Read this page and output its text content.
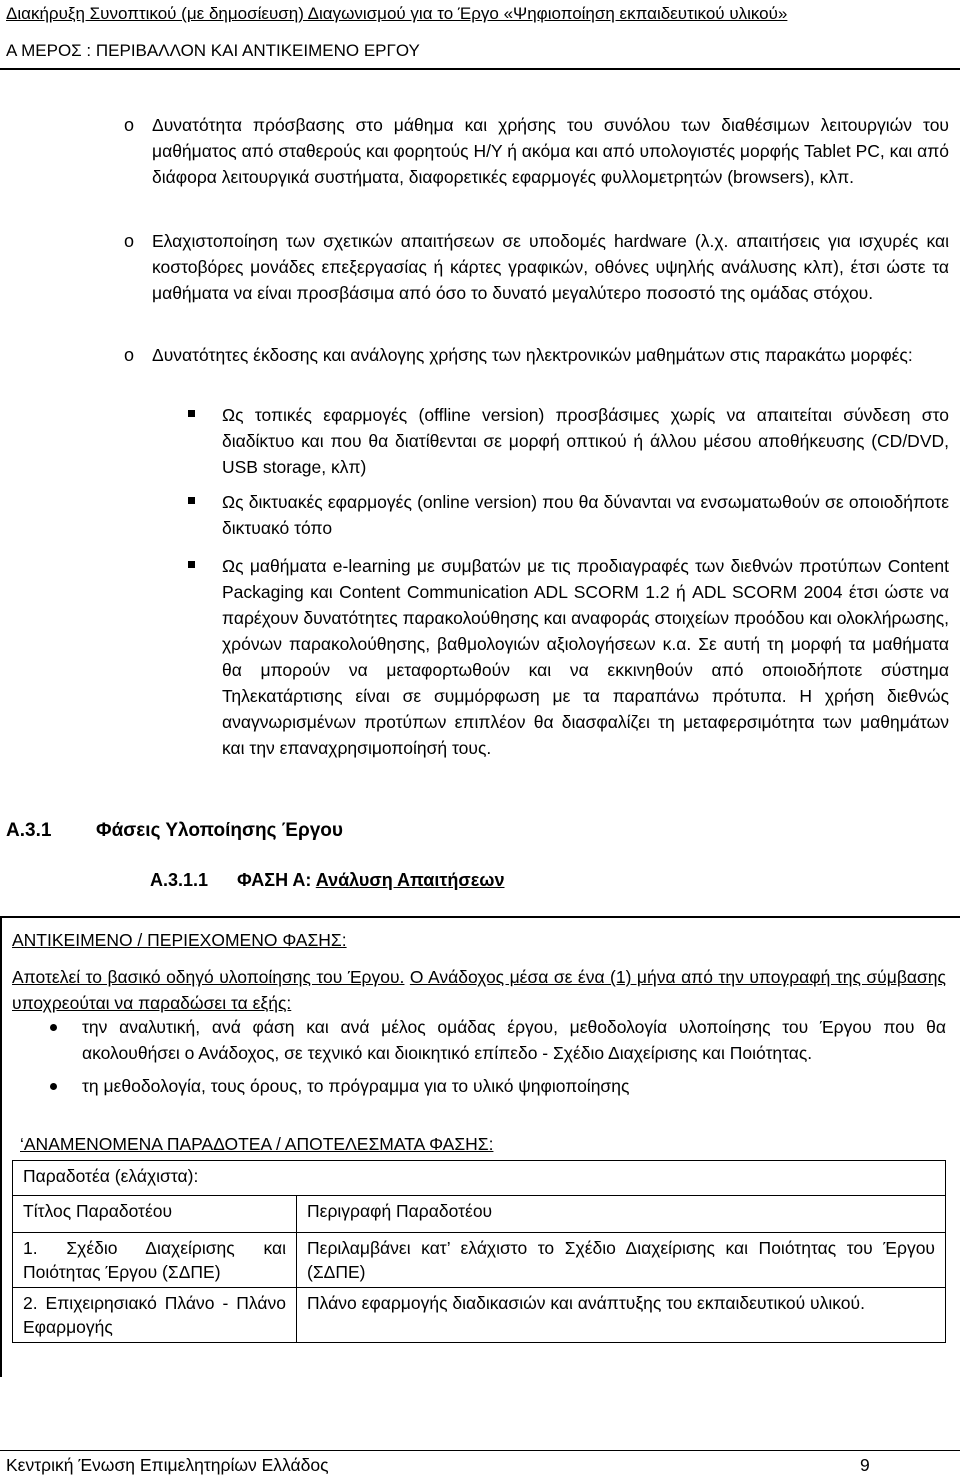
Διακήρυξη Συνοπτικού (με δημοσίευση) Διαγωνισμού για το Έργο «Ψηφιοποίηση εκπαιδευτικού υλικού»
Α ΜΕΡΟΣ : ΠΕΡΙΒΑΛΛΟΝ ΚΑΙ ΑΝΤΙΚΕΙΜΕΝΟ ΕΡΓΟΥ
o Δυνατότητα πρόσβασης στο μάθημα και χρήσης του συνόλου των διαθέσιμων λειτουργιών του μαθήματος από σταθερούς και φορητούς Η/Υ ή ακόμα και από υπολογιστές μορφής Tablet PC, και από διάφορα λειτουργικά συστήματα, διαφορετικές εφαρμογές φυλλομετρητών (browsers), κλπ.
o Ελαχιστοποίηση των σχετικών απαιτήσεων σε υποδομές hardware (λ.χ. απαιτήσεις για ισχυρές και κοστοβόρες μονάδες επεξεργασίας ή κάρτες γραφικών, οθόνες υψηλής ανάλυσης κλπ), έτσι ώστε τα μαθήματα να είναι προσβάσιμα από όσο το δυνατό μεγαλύτερο ποσοστό της ομάδας στόχου.
o Δυνατότητες έκδοσης και ανάλογης χρήσης των ηλεκτρονικών μαθημάτων στις παρακάτω μορφές:
Ως τοπικές εφαρμογές (offline version) προσβάσιμες χωρίς να απαιτείται σύνδεση στο διαδίκτυο και που θα διατίθενται σε μορφή οπτικού ή άλλου μέσου αποθήκευσης (CD/DVD, USB storage, κλπ)
Ως δικτυακές εφαρμογές (online version) που θα δύνανται να ενσωματωθούν σε οποιοδήποτε δικτυακό τόπο
Ως μαθήματα e-learning με συμβατών με τις προδιαγραφές των διεθνών προτύπων Content Packaging και Content Communication ADL SCORM 1.2 ή ADL SCORM 2004 έτσι ώστε να παρέχουν δυνατότητες παρακολούθησης και αναφοράς στοιχείων προόδου και ολοκλήρωσης, χρόνων παρακολούθησης, βαθμολογιών αξιολογήσεων κ.α. Σε αυτή τη μορφή τα μαθήματα θα μπορούν να μεταφορτωθούν και να εκκινηθούν από οποιοδήποτε σύστημα Τηλεκατάρτισης είναι σε συμμόρφωση με τα παραπάνω πρότυπα. Η χρήση διεθνώς αναγνωρισμένων προτύπων επιπλέον θα διασφαλίζει τη μεταφερσιμότητα των μαθημάτων και την επαναχρησιμοποίησή τους.
Α.3.1 Φάσεις Υλοποίησης Έργου
Α.3.1.1 ΦΑΣΗ Α: Ανάλυση Απαιτήσεων
ΑΝΤΙΚΕΙΜΕΝΟ / ΠΕΡΙΕΧΟΜΕΝΟ ΦΑΣΗΣ:
Αποτελεί το βασικό οδηγό υλοποίησης του Έργου. Ο Ανάδοχος μέσα σε ένα (1) μήνα από την υπογραφή της σύμβασης υποχρεούται να παραδώσει τα εξής:
την αναλυτική, ανά φάση και ανά μέλος ομάδας έργου, μεθοδολογία υλοποίησης του Έργου που θα ακολουθήσει ο Ανάδοχος, σε τεχνικό και διοικητικό επίπεδο - Σχέδιο Διαχείρισης και Ποιότητας.
τη μεθοδολογία, τους όρους, το πρόγραμμα για το υλικό ψηφιοποίησης
‘ΑΝΑΜΕΝΟΜΕΝΑ ΠΑΡΑΔΟΤΕΑ / ΑΠΟΤΕΛΕΣΜΑΤΑ ΦΑΣΗΣ:
Παραδοτέα (ελάχιστα):	
Τίτλος Παραδοτέου	Περιγραφή Παραδοτέου
1. Σχέδιο Διαχείρισης και Ποιότητας Έργου (ΣΔΠΕ)	Περιλαμβάνει κατ’ ελάχιστο το Σχέδιο Διαχείρισης και Ποιότητας του Έργου (ΣΔΠΕ)
2. Επιχειρησιακό Πλάνο - Πλάνο Εφαρμογής	Πλάνο εφαρμογής διαδικασιών και ανάπτυξης του εκπαιδευτικού υλικού.
Κεντρική Ένωση Επιμελητηρίων Ελλάδος	9
